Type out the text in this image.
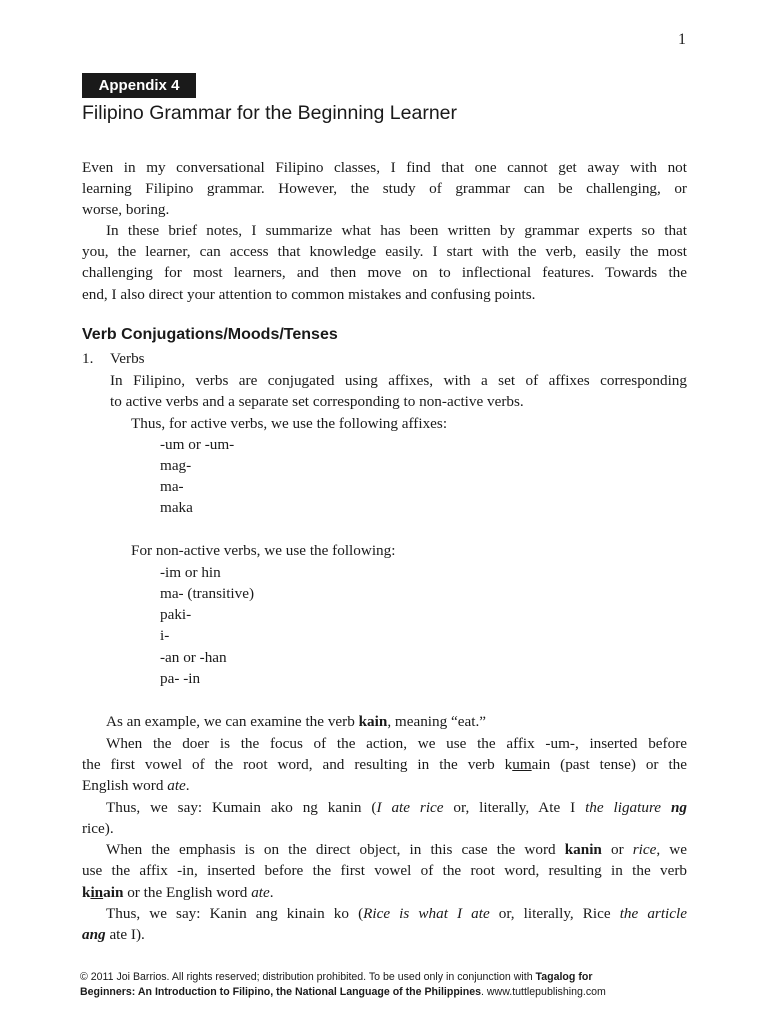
1
Appendix 4
Filipino Grammar for the Beginning Learner
Even in my conversational Filipino classes, I find that one cannot get away with not
learning Filipino grammar. However, the study of grammar can be challenging, or
worse, boring.
In these brief notes, I summarize what has been written by grammar experts so that
you, the learner, can access that knowledge easily. I start with the verb, easily the most
challenging for most learners, and then move on to inflectional features. Towards the
end, I also direct your attention to common mistakes and confusing points.
Verb Conjugations/Moods/Tenses
1. Verbs
In Filipino, verbs are conjugated using affixes, with a set of affixes corresponding
to active verbs and a separate set corresponding to non-active verbs.
Thus, for active verbs, we use the following affixes:
-um or -um-
mag-
ma-
maka
For non-active verbs, we use the following:
-im or hin
ma- (transitive)
paki-
i-
-an or -han
pa- -in
As an example, we can examine the verb kain, meaning “eat.”
When the doer is the focus of the action, we use the affix -um-, inserted before
the first vowel of the root word, and resulting in the verb kumain (past tense) or the
English word ate.
Thus, we say: Kumain ako ng kanin (I ate rice or, literally, Ate I the ligature ng
rice).
When the emphasis is on the direct object, in this case the word kanin or rice, we
use the affix -in, inserted before the first vowel of the root word, resulting in the verb
kinain or the English word ate.
Thus, we say: Kanin ang kinain ko (Rice is what I ate or, literally, Rice the article
ang ate I).
© 2011 Joi Barrios. All rights reserved; distribution prohibited. To be used only in conjunction with Tagalog for
Beginners: An Introduction to Filipino, the National Language of the Philippines. www.tuttlepublishing.com
